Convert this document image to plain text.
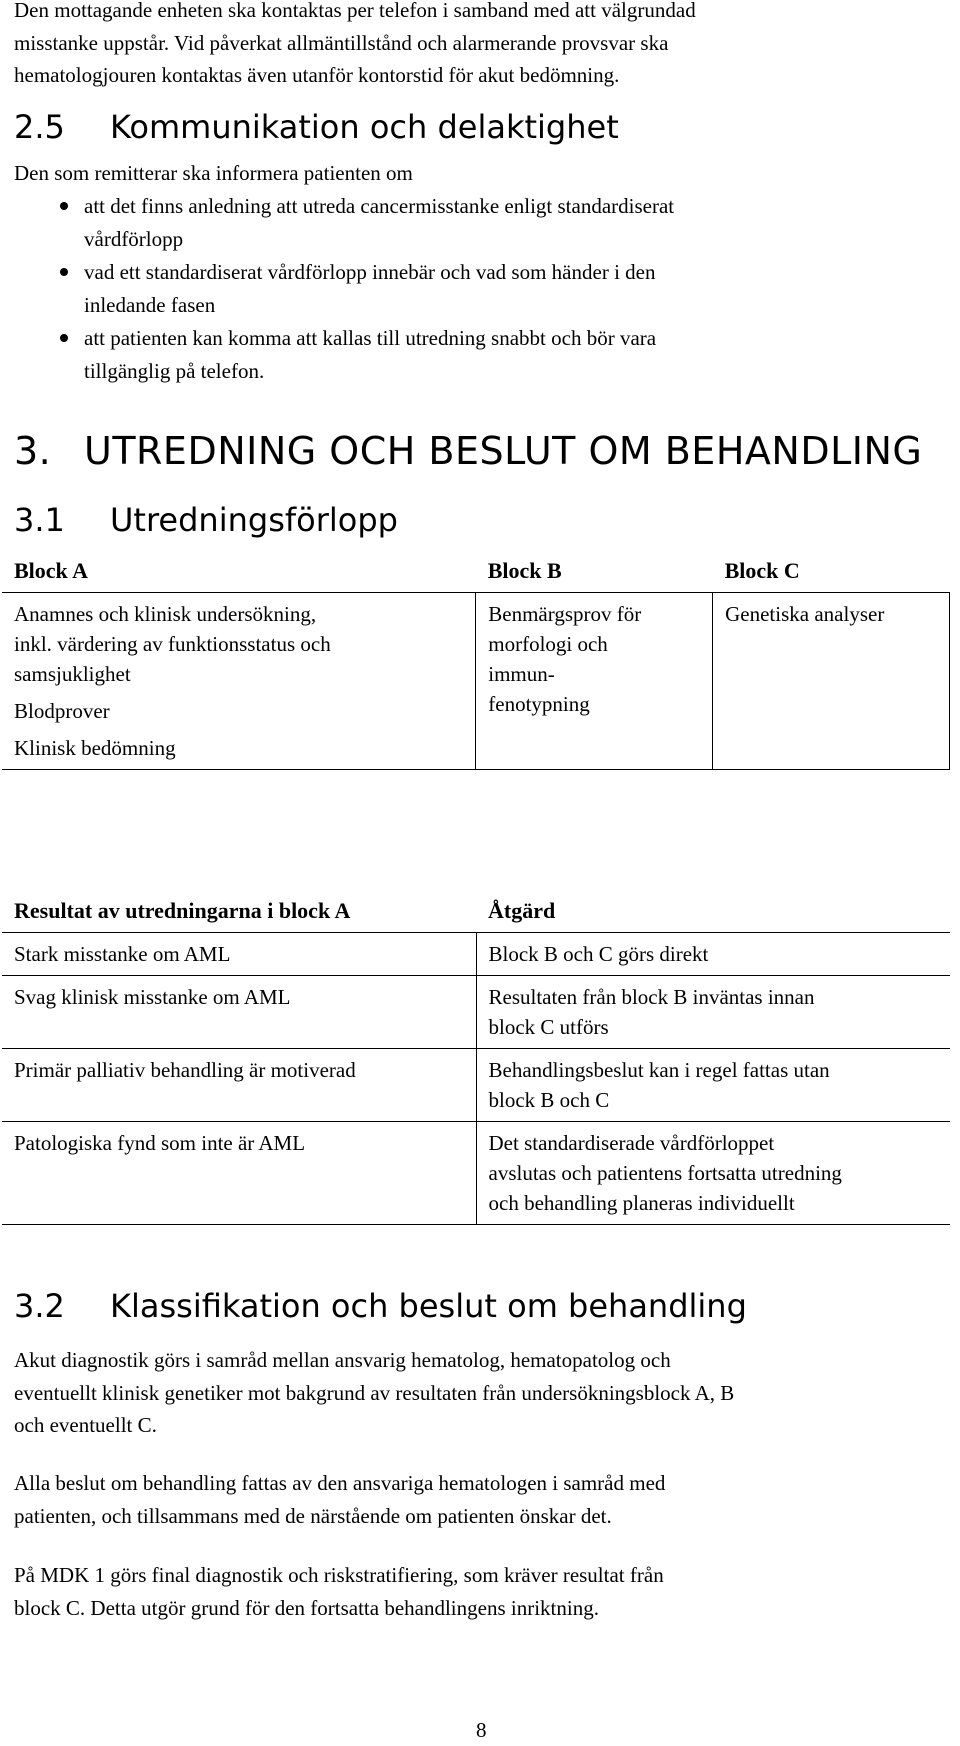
Den mottagande enheten ska kontaktas per telefon i samband med att välgrundad
misstanke uppstår. Vid påverkat allmäntillstånd och alarmerande provsvar ska
hematologjouren kontaktas även utanför kontorstid för akut bedömning.
2.5 Kommunikation och delaktighet
Den som remitterar ska informera patienten om
att det finns anledning att utreda cancermisstanke enligt standardiserat
vårdförlopp
vad ett standardiserat vårdförlopp innebär och vad som händer i den
inledande fasen
att patienten kan komma att kallas till utredning snabbt och bör vara
tillgänglig på telefon.
3. UTREDNING OCH BESLUT OM BEHANDLING
3.1 Utredningsförlopp
Block A	Block B	Block C

Anamnes och klinisk undersökning,
inkl. värdering av funktionsstatus och
samsjuklighet
Blodprover
Klinisk bedömning	Benmärgsprov för
morfologi och
immun-
fenotypning	Genetiska analyser
Resultat av utredningarna i block A	Åtgärd
Stark misstanke om AML	Block B och C görs direkt

Svag klinisk misstanke om AML	Resultaten från block B inväntas innan
block C utförs

Primär palliativ behandling är motiverad	Behandlingsbeslut kan i regel fattas utan
block B och C

Patologiska fynd som inte är AML	Det standardiserade vårdförloppet
avslutas och patientens fortsatta utredning
och behandling planeras individuellt
3.2 Klassifikation och beslut om behandling
Akut diagnostik görs i samråd mellan ansvarig hematolog, hematopatolog och
eventuellt klinisk genetiker mot bakgrund av resultaten från undersökningsblock A, B
och eventuellt C.
Alla beslut om behandling fattas av den ansvariga hematologen i samråd med
patienten, och tillsammans med de närstående om patienten önskar det.
På MDK 1 görs final diagnostik och riskstratifiering, som kräver resultat från
block C. Detta utgör grund för den fortsatta behandlingens inriktning.
8
